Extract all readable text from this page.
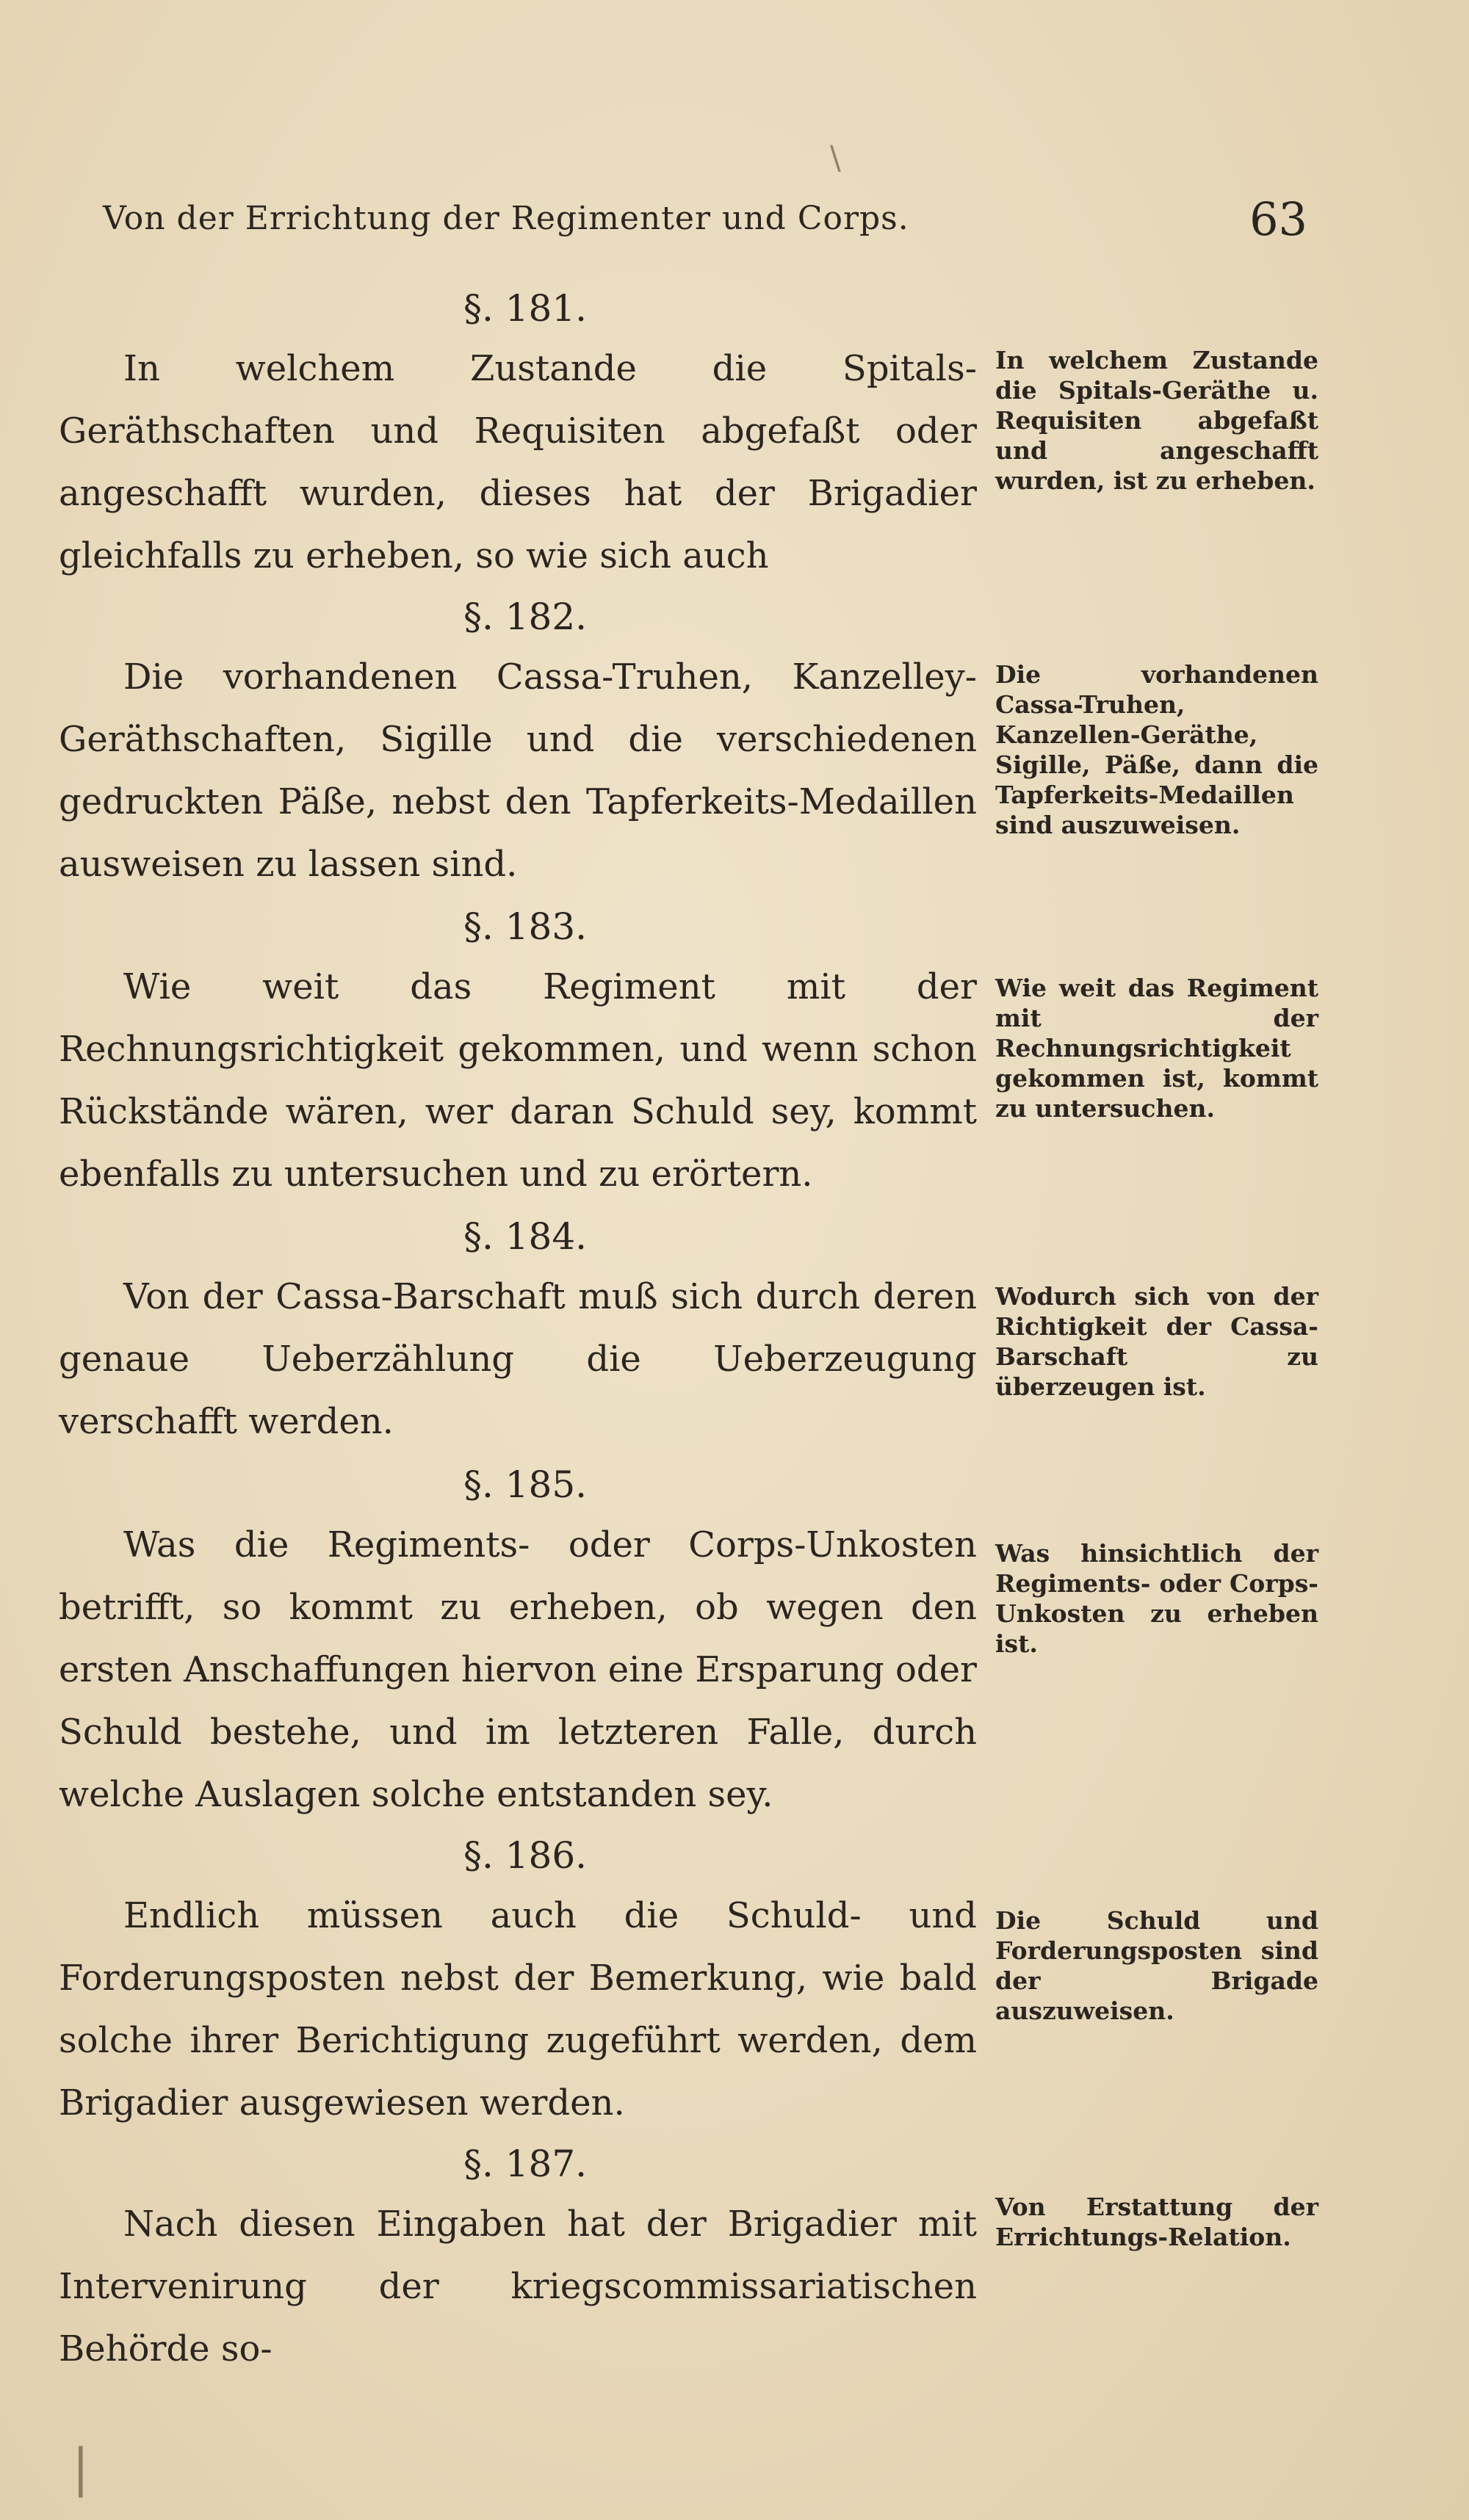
Von der Errichtung der Regimenter und Corps.	63
§. 181.

In welchem Zustande die Spitals-Geräthschaften und Requisiten abgefaßt oder angeschafft wurden, dieses hat der Brigadier gleichfalls zu erheben, so wie sich auch

§. 182.

Die vorhandenen Cassa-Truhen, Kanzelley-Geräthschaften, Sigille und die verschiedenen gedruckten Päße, nebst den Tapferkeits-Medaillen ausweisen zu lassen sind.

§. 183.

Wie weit das Regiment mit der Rechnungsrichtigkeit gekommen, und wenn schon Rückstände wären, wer daran Schuld sey, kommt ebenfalls zu untersuchen und zu erörtern.

§. 184.

Von der Cassa-Barschaft muß sich durch deren genaue Ueberzählung die Ueberzeugung verschafft werden.

§. 185.

Was die Regiments- oder Corps-Unkosten betrifft, so kommt zu erheben, ob wegen den ersten Anschaffungen hiervon eine Ersparung oder Schuld bestehe, und im letzteren Falle, durch welche Auslagen solche entstanden sey.

§. 186.

Endlich müssen auch die Schuld- und Forderungsposten nebst der Bemerkung, wie bald solche ihrer Berichtigung zugeführt werden, dem Brigadier ausgewiesen werden.

§. 187.

Nach diesen Eingaben hat der Brigadier mit Intervenirung der kriegscommissariatischen Behörde so-

In welchem Zustande die Spitals-Geräthe u. Requisiten abgefaßt und angeschafft wurden, ist zu erheben.

Die vorhandenen Cassa-Truhen, Kanzellen-Geräthe, Sigille, Päße, dann die Tapferkeits-Medaillen sind auszuweisen.

Wie weit das Regiment mit der Rechnungsrichtigkeit gekommen ist, kommt zu untersuchen.

Wodurch sich von der Richtigkeit der Cassa-Barschaft zu überzeugen ist.

Was hinsichtlich der Regiments- oder Corps-Unkosten zu erheben ist.

Die Schuld und Forderungsposten sind der Brigade auszuweisen.

Von Erstattung der Errichtungs-Relation.

|
\
